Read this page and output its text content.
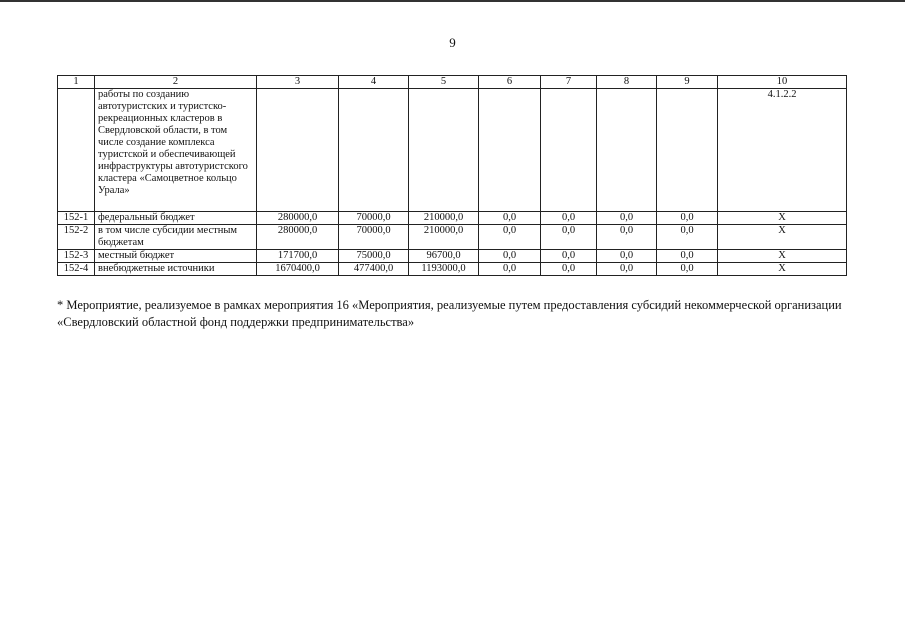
9
1	2	3	4	5	6	7	8	9	10
	работы по созданию автотуристских и туристско-рекреационных кластеров в Свердловской области, в том числе создание комплекса туристской и обеспечивающей инфраструктуры автотуристского кластера «Самоцветное кольцо Урала»								4.1.2.2
152-1	федеральный бюджет	280000,0	70000,0	210000,0	0,0	0,0	0,0	0,0	X
152-2	в том числе субсидии местным бюджетам	280000,0	70000,0	210000,0	0,0	0,0	0,0	0,0	X
152-3	местный бюджет	171700,0	75000,0	96700,0	0,0	0,0	0,0	0,0	X
152-4	внебюджетные источники	1670400,0	477400,0	1193000,0	0,0	0,0	0,0	0,0	X
* Мероприятие, реализуемое в рамках мероприятия 16 «Мероприятия, реализуемые путем предоставления субсидий некоммерческой организации «Свердловский областной фонд поддержки предпринимательства»
